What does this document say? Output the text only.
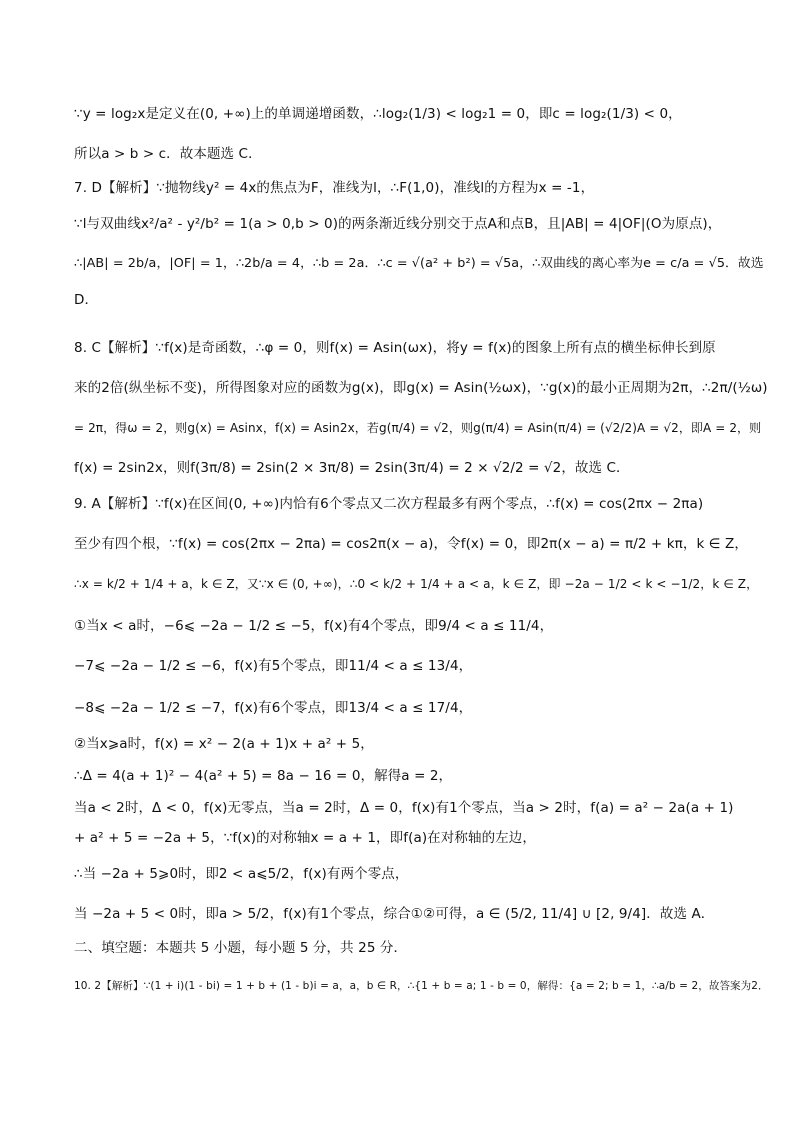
∵y = log₂x是定义在(0, +∞)上的单调递增函数，∴log₂(1/3) < log₂1 = 0，即c = log₂(1/3) < 0，
所以a > b > c．故本题选 C．
7. D【解析】∵抛物线y² = 4x的焦点为F，准线为l，∴F(1,0)，准线l的方程为x = -1，
∵l与双曲线x²/a² - y²/b² = 1(a > 0,b > 0)的两条渐近线分别交于点A和点B，且|AB| = 4|OF|(O为原点)，
∴|AB| = 2b/a，|OF| = 1，∴2b/a = 4，∴b = 2a．∴c = √(a² + b²) = √5a，∴双曲线的离心率为e = c/a = √5．故选
D．
8. C【解析】∵f(x)是奇函数，∴φ = 0，则f(x) = Asin(ωx)，将y = f(x)的图象上所有点的横坐标伸长到原
来的2倍(纵坐标不变)，所得图象对应的函数为g(x)，即g(x) = Asin(½ωx)，∵g(x)的最小正周期为2π，∴2π/(½ω)
= 2π，得ω = 2，则g(x) = Asinx，f(x) = Asin2x，若g(π/4) = √2，则g(π/4) = Asin(π/4) = (√2/2)A = √2，即A = 2，则
f(x) = 2sin2x，则f(3π/8) = 2sin(2 × 3π/8) = 2sin(3π/4) = 2 × √2/2 = √2，故选 C．
9. A【解析】∵f(x)在区间(0, +∞)内恰有6个零点又二次方程最多有两个零点，∴f(x) = cos(2πx − 2πa)
至少有四个根，∵f(x) = cos(2πx − 2πa) = cos2π(x − a)，令f(x) = 0，即2π(x − a) = π/2 + kπ，k ∈ Z，
∴x = k/2 + 1/4 + a，k ∈ Z，又∵x ∈ (0, +∞)，∴0 < k/2 + 1/4 + a < a，k ∈ Z，即 −2a − 1/2 < k < −1/2，k ∈ Z，
①当x < a时，−6⩽ −2a − 1/2 ≤ −5，f(x)有4个零点，即9/4 < a ≤ 11/4，
−7⩽ −2a − 1/2 ≤ −6，f(x)有5个零点，即11/4 < a ≤ 13/4，
−8⩽ −2a − 1/2 ≤ −7，f(x)有6个零点，即13/4 < a ≤ 17/4，
②当x⩾a时，f(x) = x² − 2(a + 1)x + a² + 5，
∴Δ = 4(a + 1)² − 4(a² + 5) = 8a − 16 = 0，解得a = 2，
当a < 2时，Δ < 0，f(x)无零点，当a = 2时，Δ = 0，f(x)有1个零点，当a > 2时，f(a) = a² − 2a(a + 1)
+ a² + 5 = −2a + 5，∵f(x)的对称轴x = a + 1，即f(a)在对称轴的左边，
∴当 −2a + 5⩾0时，即2 < a⩽5/2，f(x)有两个零点，
当 −2a + 5 < 0时，即a > 5/2，f(x)有1个零点，综合①②可得，a ∈ (5/2, 11/4] ∪ [2, 9/4]．故选 A．
二、填空题：本题共 5 小题，每小题 5 分，共 25 分．
10. 2【解析】∵(1 + i)(1 - bi) = 1 + b + (1 - b)i = a，a，b ∈ R，∴{1 + b = a; 1 - b = 0，解得：{a = 2; b = 1，∴a/b = 2，故答案为2．
